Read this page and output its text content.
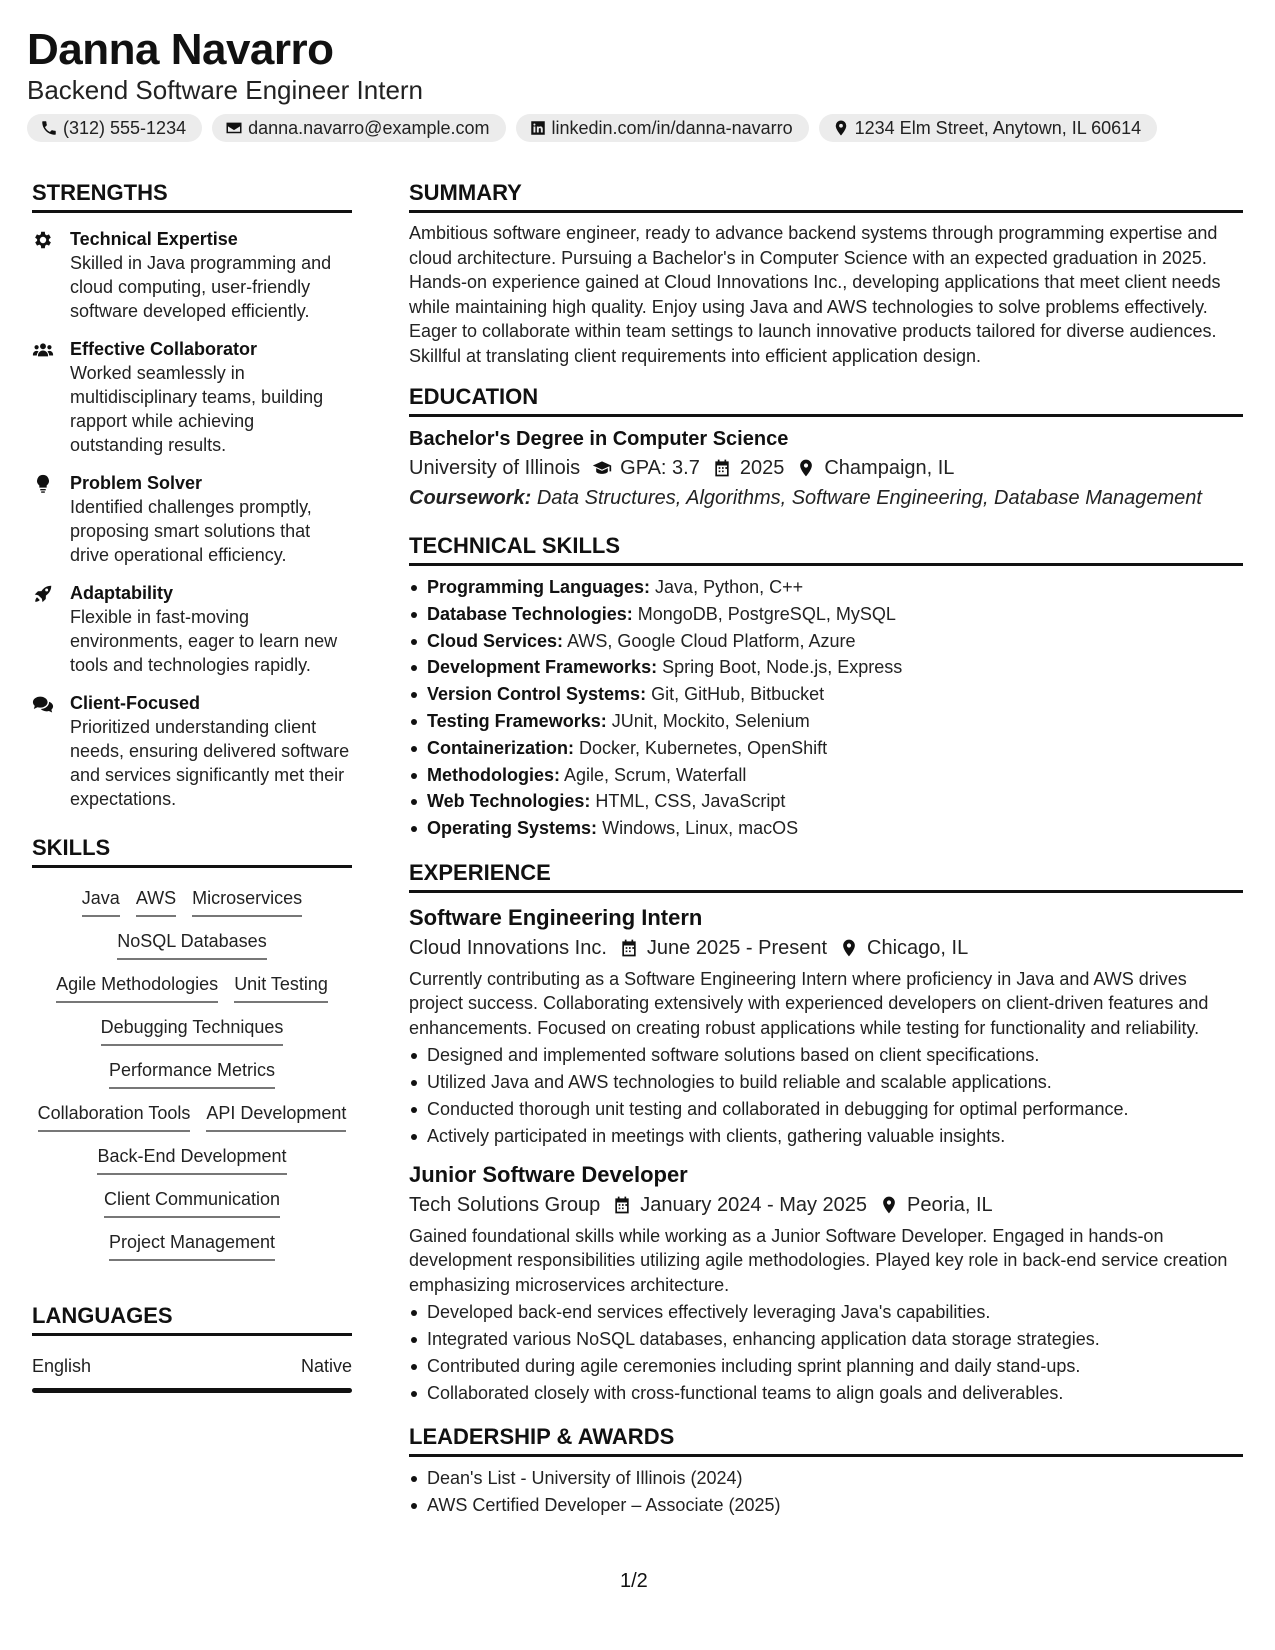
Danna Navarro
Backend Software Engineer Intern
(312) 555-1234	danna.navarro@example.com	linkedin.com/in/danna-navarro	1234 Elm Street, Anytown, IL 60614
STRENGTHS
Technical Expertise
Skilled in Java programming and cloud computing, user-friendly software developed efficiently.
Effective Collaborator
Worked seamlessly in multidisciplinary teams, building rapport while achieving outstanding results.
Problem Solver
Identified challenges promptly, proposing smart solutions that drive operational efficiency.
Adaptability
Flexible in fast-moving environments, eager to learn new tools and technologies rapidly.
Client-Focused
Prioritized understanding client needs, ensuring delivered software and services significantly met their expectations.
SKILLS
Java AWS Microservices
NoSQL Databases
Agile Methodologies Unit Testing
Debugging Techniques
Performance Metrics
Collaboration Tools API Development
Back-End Development
Client Communication
Project Management
LANGUAGES
English	Native
SUMMARY
Ambitious software engineer, ready to advance backend systems through programming expertise and cloud architecture. Pursuing a Bachelor's in Computer Science with an expected graduation in 2025. Hands-on experience gained at Cloud Innovations Inc., developing applications that meet client needs while maintaining high quality. Enjoy using Java and AWS technologies to solve problems effectively. Eager to collaborate within team settings to launch innovative products tailored for diverse audiences. Skillful at translating client requirements into efficient application design.
EDUCATION
Bachelor's Degree in Computer Science
University of Illinois GPA: 3.7 2025 Champaign, IL
Coursework: Data Structures, Algorithms, Software Engineering, Database Management
TECHNICAL SKILLS
Programming Languages: Java, Python, C++
Database Technologies: MongoDB, PostgreSQL, MySQL
Cloud Services: AWS, Google Cloud Platform, Azure
Development Frameworks: Spring Boot, Node.js, Express
Version Control Systems: Git, GitHub, Bitbucket
Testing Frameworks: JUnit, Mockito, Selenium
Containerization: Docker, Kubernetes, OpenShift
Methodologies: Agile, Scrum, Waterfall
Web Technologies: HTML, CSS, JavaScript
Operating Systems: Windows, Linux, macOS
EXPERIENCE
Software Engineering Intern
Cloud Innovations Inc. June 2025 - Present Chicago, IL
Currently contributing as a Software Engineering Intern where proficiency in Java and AWS drives project success. Collaborating extensively with experienced developers on client-driven features and enhancements. Focused on creating robust applications while testing for functionality and reliability.
Designed and implemented software solutions based on client specifications.
Utilized Java and AWS technologies to build reliable and scalable applications.
Conducted thorough unit testing and collaborated in debugging for optimal performance.
Actively participated in meetings with clients, gathering valuable insights.
Junior Software Developer
Tech Solutions Group January 2024 - May 2025 Peoria, IL
Gained foundational skills while working as a Junior Software Developer. Engaged in hands-on development responsibilities utilizing agile methodologies. Played key role in back-end service creation emphasizing microservices architecture.
Developed back-end services effectively leveraging Java's capabilities.
Integrated various NoSQL databases, enhancing application data storage strategies.
Contributed during agile ceremonies including sprint planning and daily stand-ups.
Collaborated closely with cross-functional teams to align goals and deliverables.
LEADERSHIP & AWARDS
Dean's List - University of Illinois (2024)
AWS Certified Developer – Associate (2025)
1/2
